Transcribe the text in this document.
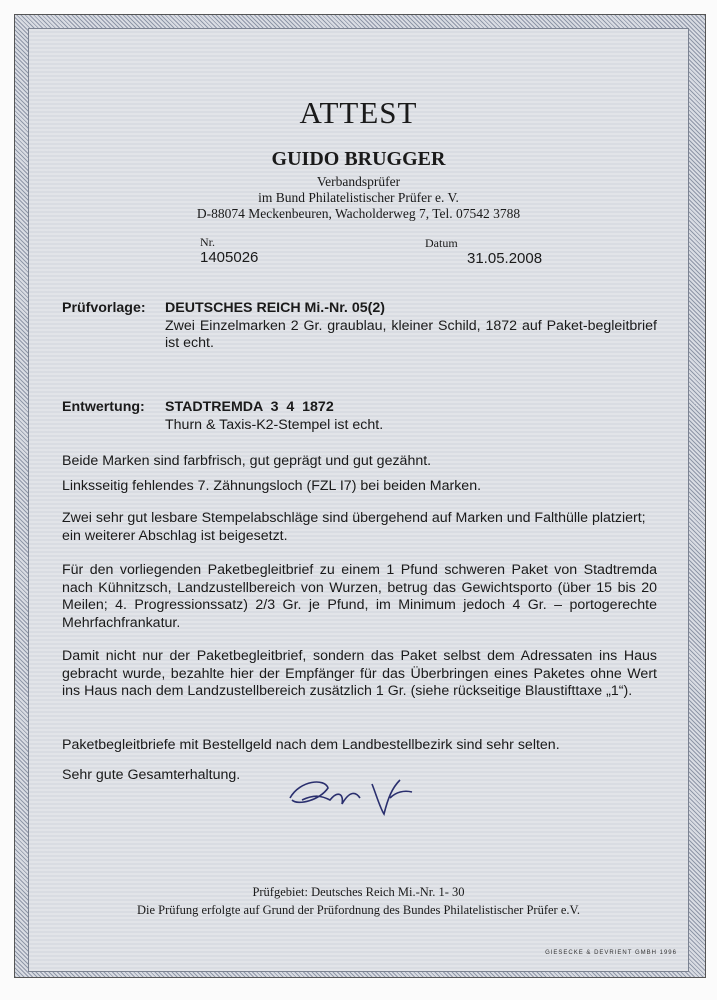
ATTEST
GUIDO BRUGGER
Verbandsprüfer
im Bund Philatelistischer Prüfer e. V.
D-88074 Meckenbeuren, Wacholderweg 7, Tel. 07542 3788
Nr.
1405026
Datum
31.05.2008
Prüfvorlage: DEUTSCHES REICH Mi.-Nr. 05(2)
Zwei Einzelmarken 2 Gr. graublau, kleiner Schild, 1872 auf Paket-begleitbrief ist echt.
Entwertung: STADTREMDA  3  4  1872
Thurn & Taxis-K2-Stempel ist echt.
Beide Marken sind farbfrisch, gut geprägt und gut gezähnt.
Linksseitig fehlendes 7. Zähnungsloch (FZL I7) bei beiden Marken.
Zwei sehr gut lesbare Stempelabschläge sind übergehend auf Marken und Falthülle platziert; ein weiterer Abschlag ist beigesetzt.
Für den vorliegenden Paketbegleitbrief zu einem 1 Pfund schweren Paket von Stadtremda nach Kühnitzsch, Landzustellbereich von Wurzen, betrug das Gewichtsporto (über 15 bis 20 Meilen; 4. Progressionssatz) 2/3 Gr. je Pfund, im Minimum jedoch 4 Gr. – portogerechte Mehrfachfrankatur.
Damit nicht nur der Paketbegleitbrief, sondern das Paket selbst dem Adressaten ins Haus gebracht wurde, bezahlte hier der Empfänger für das Überbringen eines Paketes ohne Wert ins Haus nach dem Landzustellbereich zusätzlich 1 Gr. (siehe rückseitige Blaustifttaxe „1“).
Paketbegleitbriefe mit Bestellgeld nach dem Landbestellbezirk sind sehr selten.
Sehr gute Gesamterhaltung.
Prüfgebiet: Deutsches Reich Mi.-Nr. 1- 30
Die Prüfung erfolgte auf Grund der Prüfordnung des Bundes Philatelistischer Prüfer e.V.
GIESECKE & DEVRIENT GMBH 1996
